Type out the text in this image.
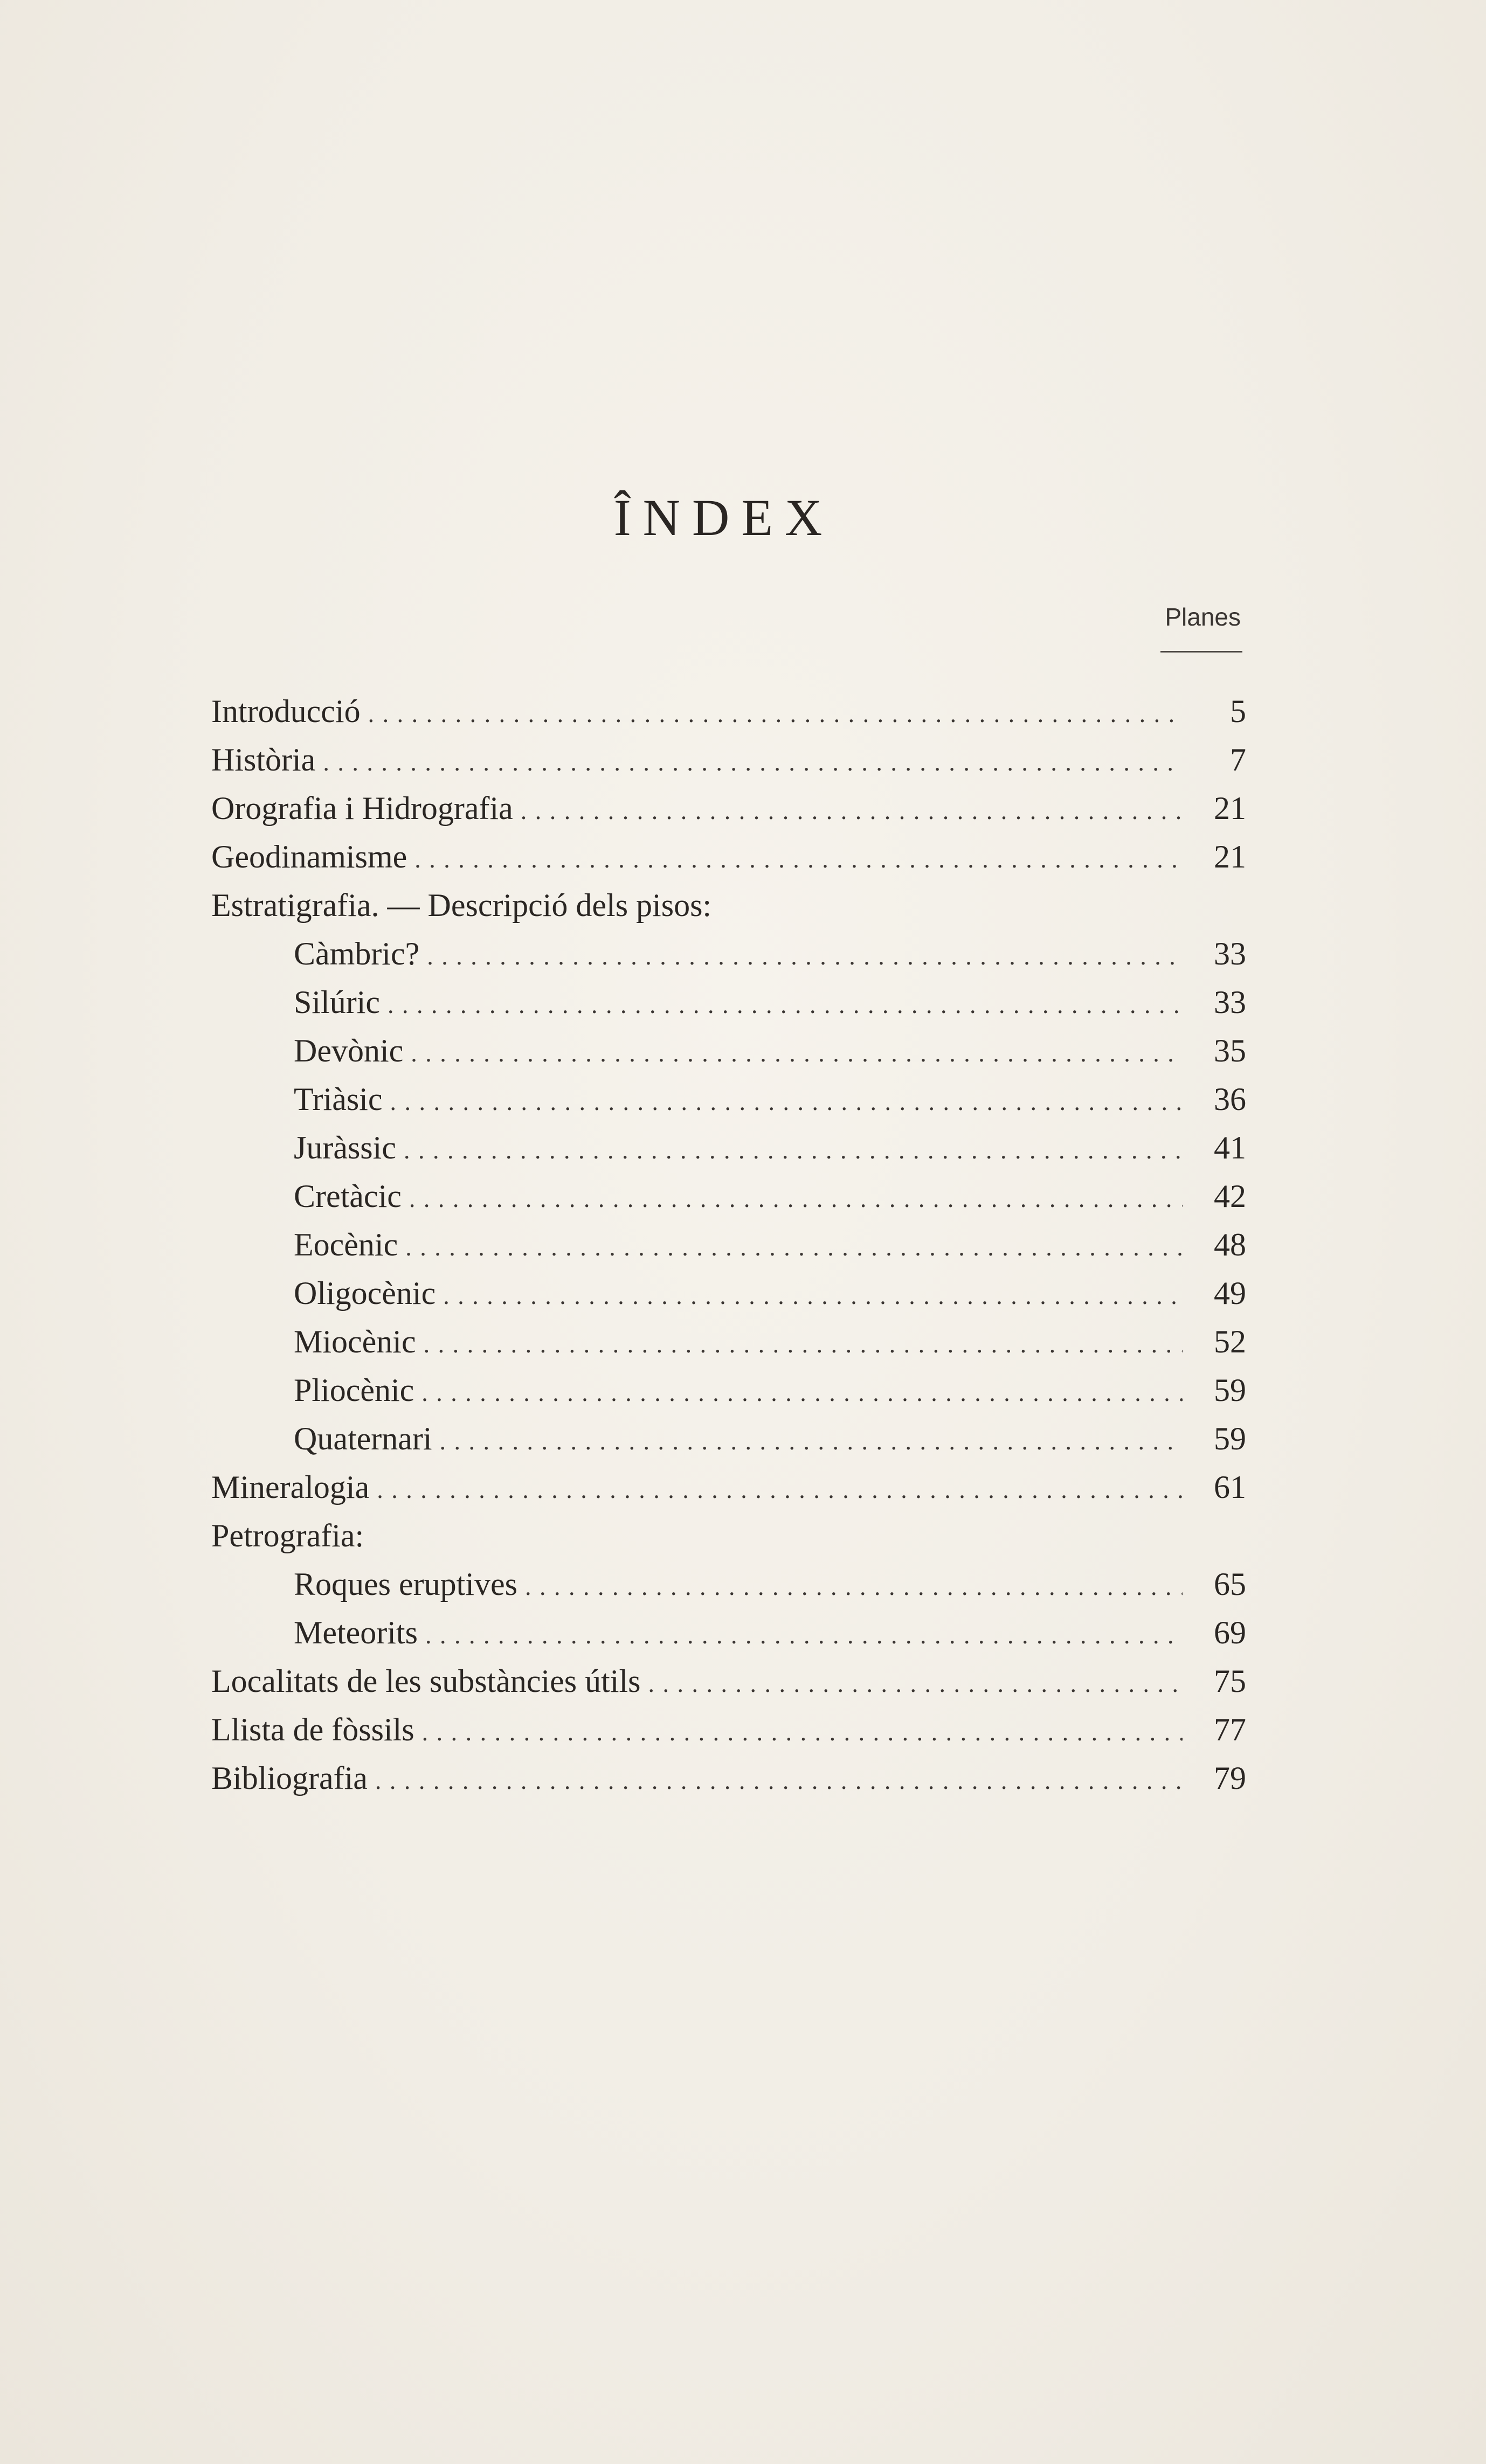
ÎNDEX
Planes
Introducció . . .	5
Història . . .	7
Orografia i Hidrografia . . .	21
Geodinamisme . . .	21
Estratigrafia. — Descripció dels pisos:
Càmbric? . . .	33
Silúric . . .	33
Devònic . . .	35
Triàsic . . .	36
Juràssic . . .	41
Cretàcic . . .	42
Eocènic . . .	48
Oligocènic . . .	49
Miocènic . . .	52
Pliocènic . . .	59
Quaternari . . .	59
Mineralogia . . .	61
Petrografia:
Roques eruptives . . .	65
Meteorits . . .	69
Localitats de les substàncies útils . . .	75
Llista de fòssils . . .	77
Bibliografia . . .	79
